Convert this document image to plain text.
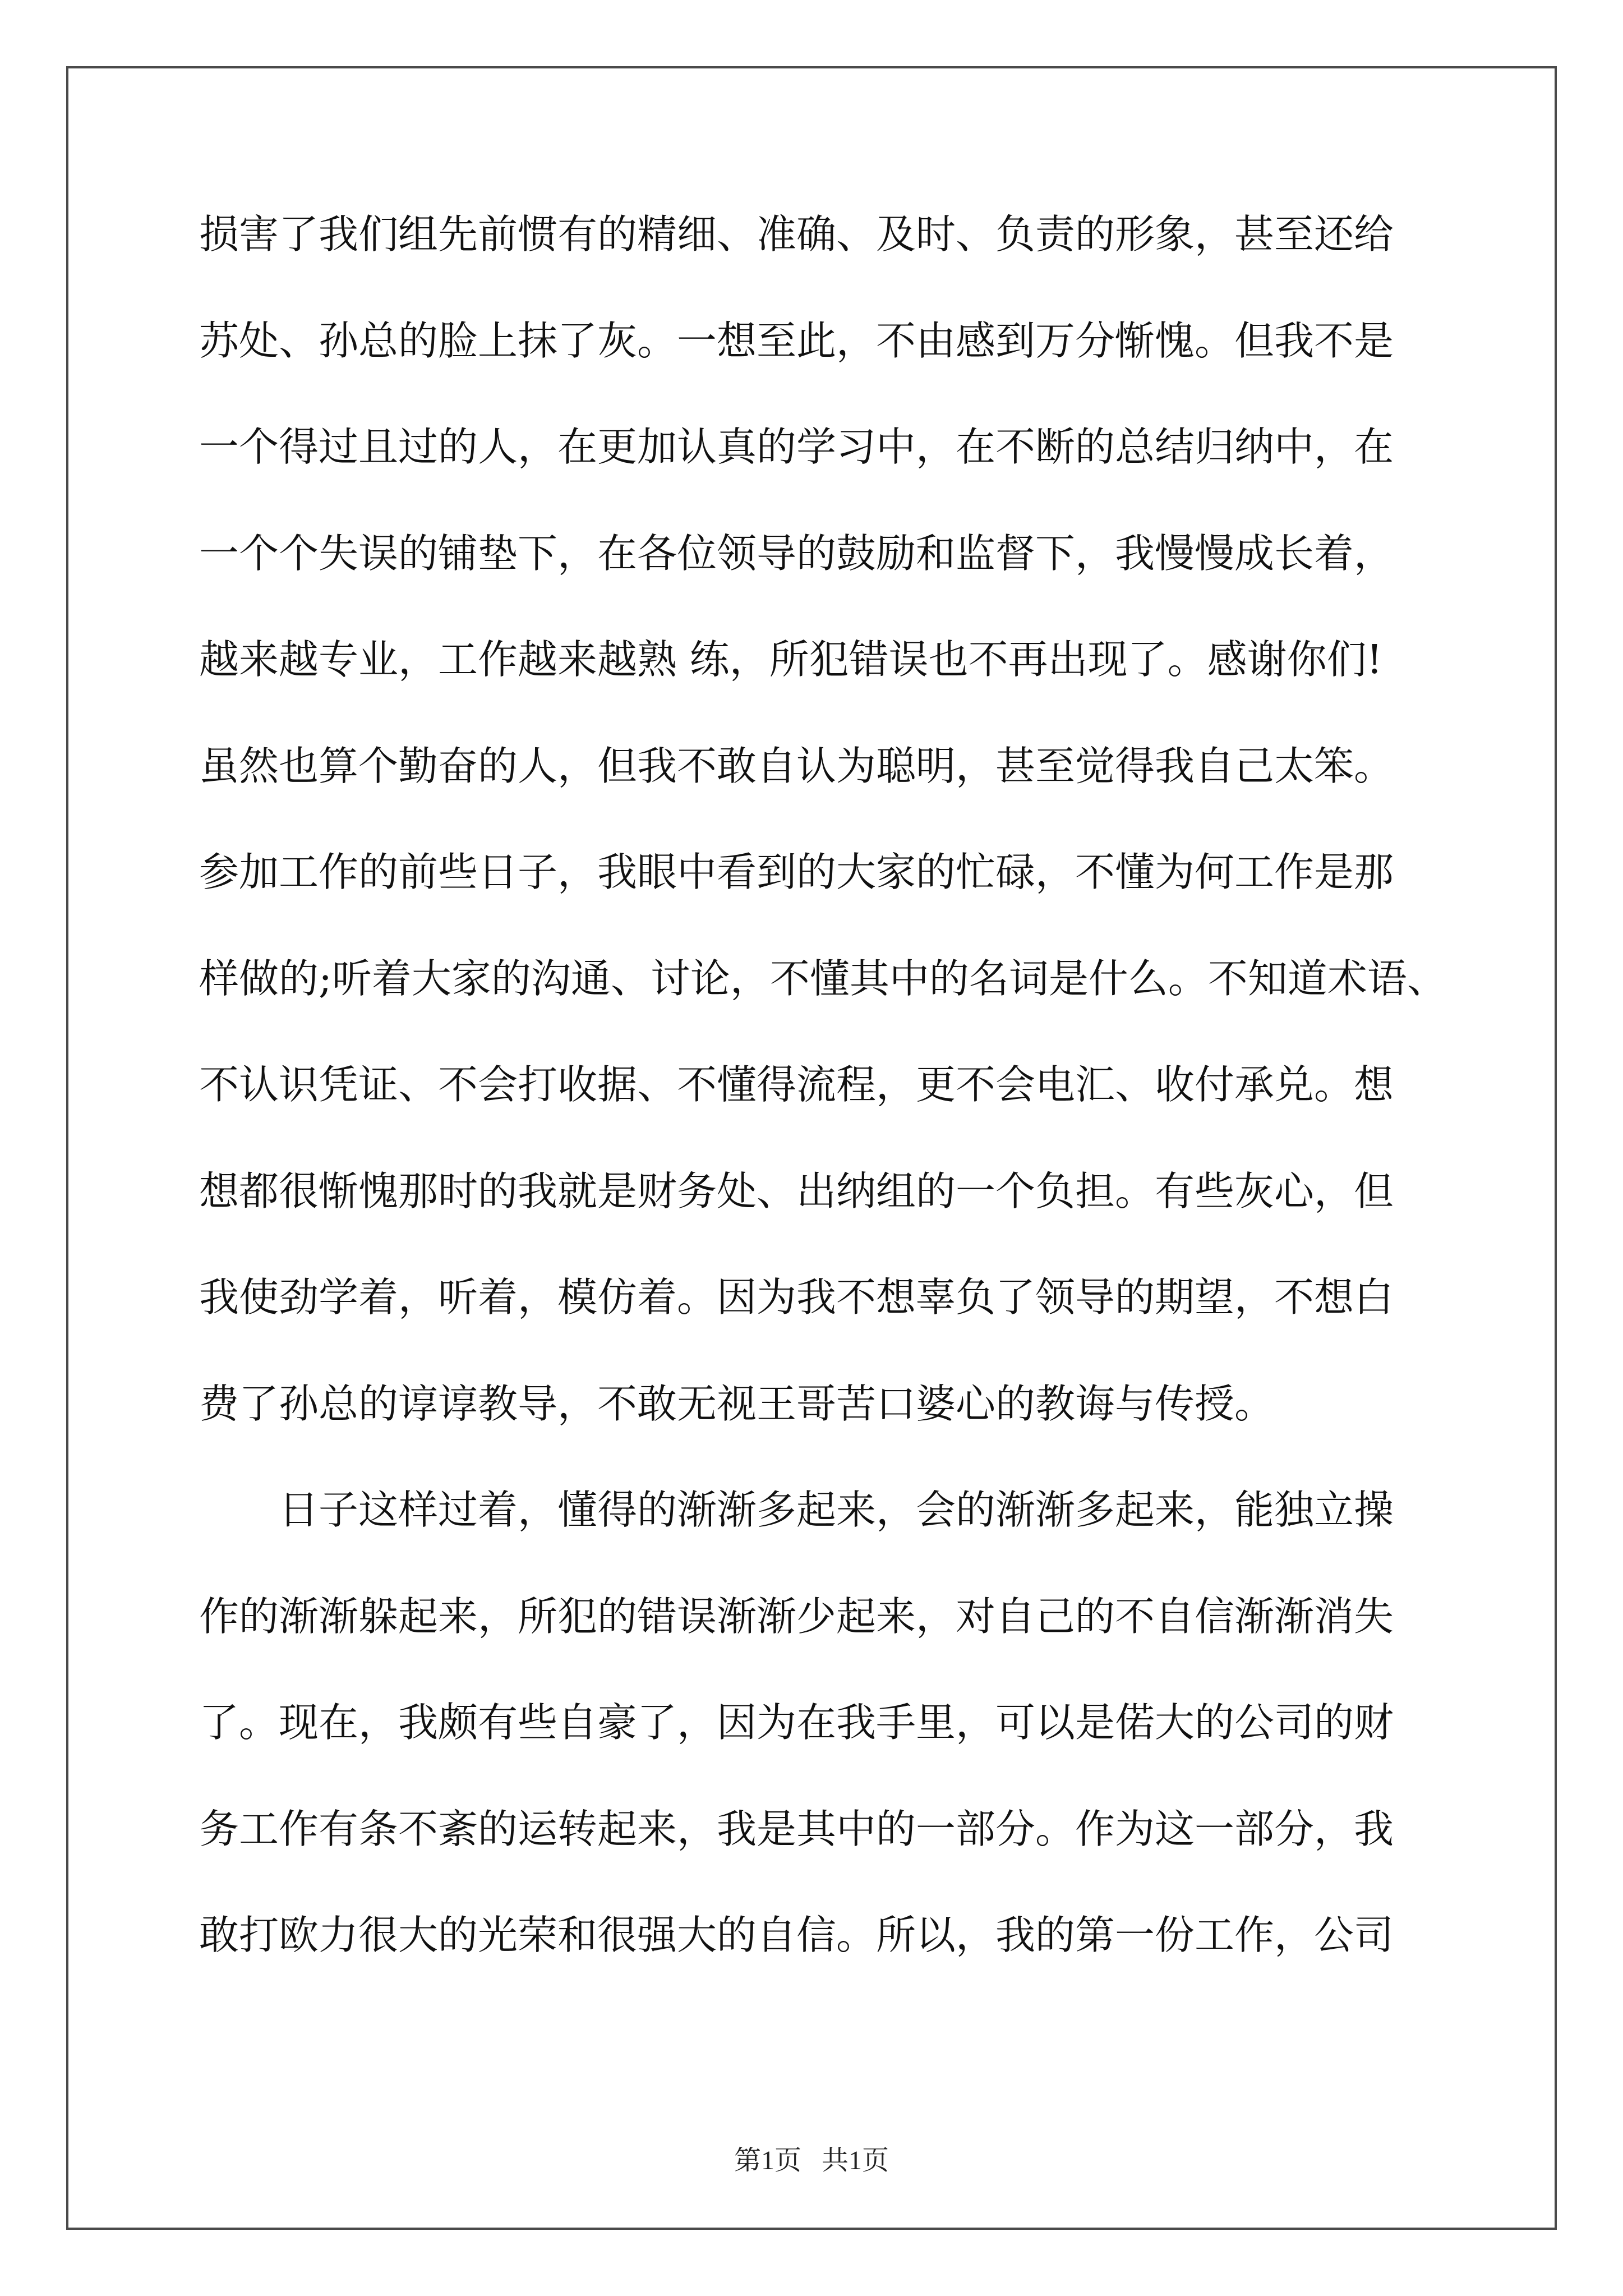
损害了我们组先前惯有的精细、准确、及时、负责的形象，甚至还给
苏处、孙总的脸上抹了灰。一想至此，不由感到万分惭愧。但我不是
一个得过且过的人，在更加认真的学习中，在不断的总结归纳中，在
一个个失误的铺垫下，在各位领导的鼓励和监督下，我慢慢成长着，
越来越专业，工作越来越熟 练，所犯错误也不再出现了。感谢你们!
虽然也算个勤奋的人，但我不敢自认为聪明，甚至觉得我自己太笨。
参加工作的前些日子，我眼中看到的大家的忙碌，不懂为何工作是那
样做的;听着大家的沟通、讨论，不懂其中的名词是什么。不知道术语、
不认识凭证、不会打收据、不懂得流程，更不会电汇、收付承兑。想
想都很惭愧那时的我就是财务处、出纳组的一个负担。有些灰心，但
我使劲学着，听着，模仿着。因为我不想辜负了领导的期望，不想白
费了孙总的谆谆教导，不敢无视王哥苦口婆心的教诲与传授。
日子这样过着，懂得的渐渐多起来，会的渐渐多起来，能独立操
作的渐渐躲起来，所犯的错误渐渐少起来，对自己的不自信渐渐消失
了。现在，我颇有些自豪了，因为在我手里，可以是偌大的公司的财
务工作有条不紊的运转起来，我是其中的一部分。作为这一部分，我
敢打欧力很大的光荣和很强大的自信。所以，我的第一份工作，公司
第1页   共1页
